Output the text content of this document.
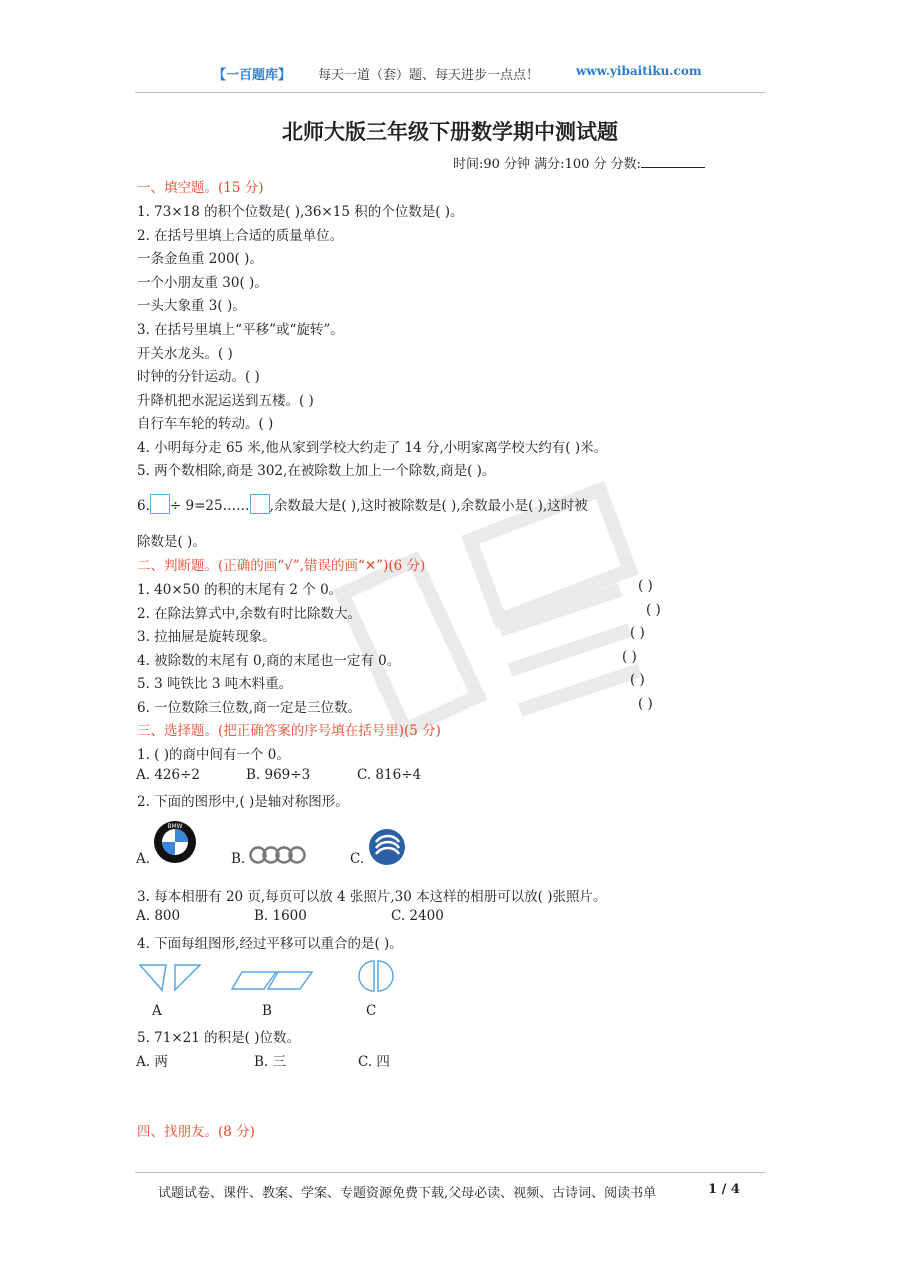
【一百题库】 每天一道（套）题、每天进步一点点！	www.yibaitiku.com
北师大版三年级下册数学期中测试题
时间:90 分钟 满分:100 分 分数:
一、填空题。(15 分)
1. 73×18 的积个位数是( ),36×15 积的个位数是( )。
2. 在括号里填上合适的质量单位。
一条金鱼重 200( )。
一个小朋友重 30( )。
一头大象重 3( )。
3. 在括号里填上“平移”或“旋转”。
开关水龙头。( )
时钟的分针运动。( )
升降机把水泥运送到五楼。( )
自行车车轮的转动。( )
4. 小明每分走 65 米,他从家到学校大约走了 14 分,小明家离学校大约有( )米。
5. 两个数相除,商是 302,在被除数上加上一个除数,商是( )。
6. ÷ 9=25…… ,余数最大是( ),这时被除数是( ),余数最小是( ),这时被
除数是( )。
二、判断题。(正确的画“√”,错误的画“✕”)(6 分)
1. 40×50 的积的末尾有 2 个 0。	( )
2. 在除法算式中,余数有时比除数大。	( )
3. 拉抽屉是旋转现象。	( )
4. 被除数的末尾有 0,商的末尾也一定有 0。	( )
5. 3 吨铁比 3 吨木料重。	( )
6. 一位数除三位数,商一定是三位数。	( )
三、选择题。(把正确答案的序号填在括号里)(5 分)
1. ( )的商中间有一个 0。
A. 426÷2	B. 969÷3	C. 816÷4
2. 下面的图形中,( )是轴对称图形。
A.
BMW
B.	C.
3. 每本相册有 20 页,每页可以放 4 张照片,30 本这样的相册可以放( )张照片。
A. 800	B. 1600	C. 2400
4. 下面每组图形,经过平移可以重合的是( )。
A	B	C
5. 71×21 的积是( )位数。
A. 两	B. 三	C. 四
四、找朋友。(8 分)
试题试卷、课件、教案、学案、专题资源免费下载,父母必读、视频、古诗词、阅读书单	1 / 4
